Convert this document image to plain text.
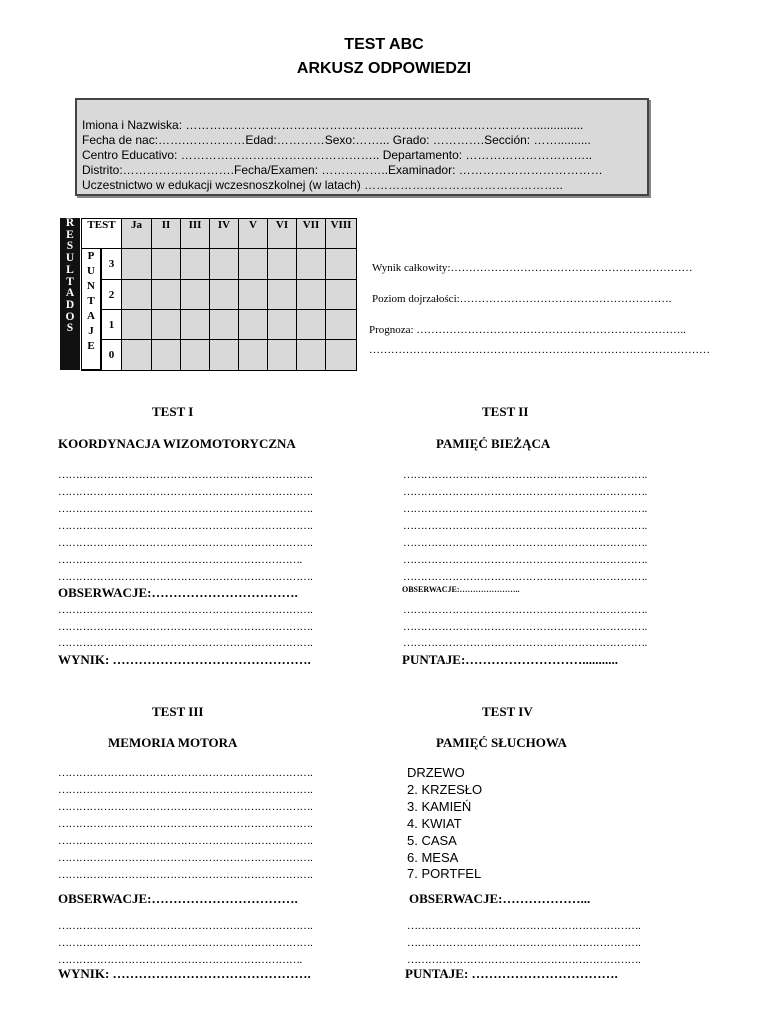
TEST ABC
ARKUSZ ODPOWIEDZI
Imiona i Nazwiska: ……………………………………………………………………………...............
Fecha de nac:…….……………Edad:…………Sexo:……... Grado: ………….Sección: ……..........
Centro Educativo: ………………………………………….. Departamento: …………………………..
Distrito:……………………….Fecha/Examen: ……………..Examinador: ………………………………
Uczestnictwo w edukacji wczesnoszkolnej (w latach) …………………………………………..
R
E
S
U
L
T
A
D
O
S
TEST		Ja	II	III	IV	V	VI	VII	VIII
	3								
	2								
	1								
	0								
P
U
N
T
A
J
E
Wynik całkowity:…………………………………………………………
Poziom dojrzałości:………………………………………………….
Prognoza: ………………………………………………………………..
…………………………………………………………………………………
TEST I
KOORDYNACJA WIZOMOTORYCZNA
……………………………………………………………….
……………………………………………………………….
……………………………………………………………….
……………………………………………………………….
……………………………………………………………….
…………………………………………………………….
……………………………………………………………….
OBSERWACJE:…………………………….
……………………………………………………………….
……………………………………………………………….
……………………………………………………………….
WYNIK: ……………………………………….
TEST II
PAMIĘĆ BIEŻĄCA
…………………………………………………………….
…………………………………………………………….
…………………………………………………………….
…………………………………………………………….
…………………………………………………………….
…………………………………………………………….
…………………………………………………………….
OBSERWACJE:…………………..
…………………………………………………………….
…………………………………………………………….
…………………………………………………………….
PUNTAJE:………………………...........
TEST III
MEMORIA MOTORA
……………………………………………………………….
……………………………………………………………….
……………………………………………………………….
……………………………………………………………….
……………………………………………………………….
……………………………………………………………….
……………………………………………………………….
OBSERWACJE:…………………………….
……………………………………………………………….
……………………………………………………………….
…………………………………………………………….
WYNIK: ……………………………………….
TEST IV
PAMIĘĆ SŁUCHOWA
DRZEWO
2. KRZESŁO
3. KAMIEŃ
4. KWIAT
5. CASA
6. MESA
7. PORTFEL
OBSERWACJE:………………...
………………………………………………………….
………………………………………………………….
………………………………………………………….
PUNTAJE: …………………………….
